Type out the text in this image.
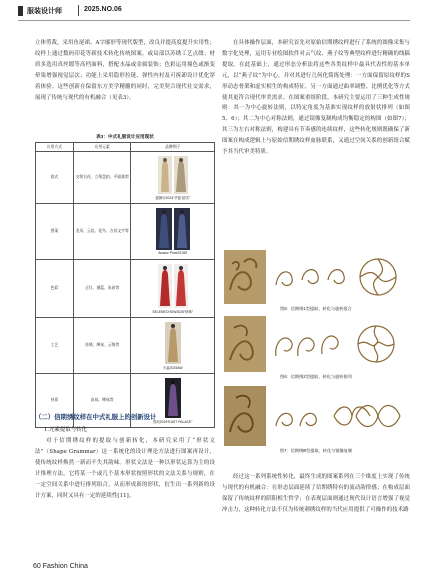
服装设计师	2025.NO.06

立体剪裁，采用鱼尾裙、A字廓形等现代版型，改良并提高度提升实用性；纹样上通过数码印花等新技术转化传统图案，或局部以苏绣工艺点缀；材质多选用真丝缎等高档面料，搭配水晶或金属装饰；色彩运用撞色或渐变晕染增强视觉层次；功能上采用隐形拉链、弹性内衬及可拆卸设计优化穿着体验。这些创新在保留东方美学精髓的同时，完美契合现代社交需求，展现了传统与现代的有机融合（见表3）。

表3：中式礼服设计应用现状
应用方式	应用元素	品牌例子
款式	交领右衽、立领盘扣、平面裁剪	盛静坊2024“华夏·踏雪”

图案	龙凤、云纹、花鸟、吉祥文字等	Amanz Prive2018S

色彩	正红、黛蓝、朱砂等	SELENECHOW2025“珍珠”

工艺	苏绣、缂丝、云锦等	天裳2025AW

材质	真丝、缂丝等	郭培2019“EAST PALACE”
（二）信期绣纹样在中式礼服上的创新设计
1.元素提取与转化

对于信期绣纹样的提取与创新转化，本研究采用了“形状文法”（Shape Grammar）这一系统化的设计理论方法进行图案再设计，使传统纹样焕然一新而不失其韵味。形状文法是一种以形状运算为主的设计推理方法，它将某一个或几个基本形状按照形状的文法关系与规则，在一定空间关系中进行排列组合，从而形成新的形状，衍生出一系列新的设计方案，同时又具有一定的延续性[11]。

在具体操作层面，本研究首先对原始信期绣纹样进行了系统的图像采集与数字化处理，运用专业绘图软件对云气纹、燕子纹等典型纹样进行精确的线稿提取。在此基础上，通过形态分析法将这些各类纹样中最具代表性的基本单元，以“燕子纹”为中心，并对其进行几何化简练处理：一方面保留原纹样的S形动态骨架和虚实相生的构成特征，另一方面通过曲率调整、比例优化等方式使其更符合现代审美需求。在图案重组阶段，本研究主要运用了三种生成性规则：其一为中心旋转法则，以特定角度为基准实现纹样的放射状排列（如图5、6）；其二为中心对称法则，通过镜像复制构成均衡稳定的构图（如图7）；其三为左右对称法则，构建具有节奏感的连续纹样，这些转化规则既确保了新图案在构成逻辑上与原始信期绣纹样血脉联系，又通过空间关系的创新组合赋予其当代审美特质。

图5：信期绣1型提取、转化与旋转组合
图6：信期绣2型提取、转化与旋转排列
图7：信期绣Ⅲ型提取、转化与镜像复制

经过这一系列系统性转化，最终生成的图案系列在三个维度上实现了传统与现代的有机融合：在形态层面延续了信期绣特有的流动韵律感；在构成层面保留了传统纹样的阴阳相生哲学；在表现层面则通过现代设计语言增强了视觉冲击力，这种转化方法不仅为传统刺绣纹样的当代应用提供了可操作的技术路

60 Fashion China
